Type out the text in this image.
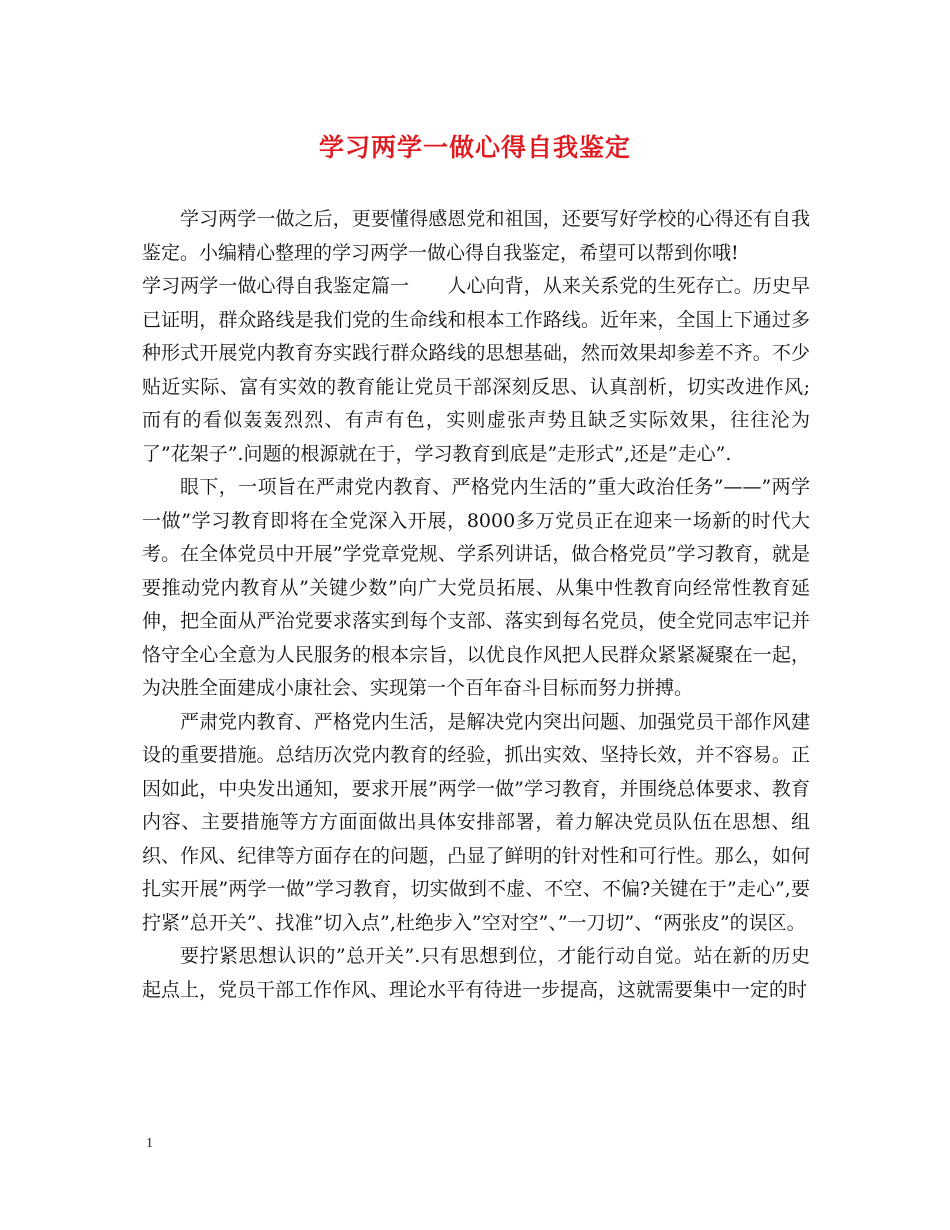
学习两学一做心得自我鉴定

学习两学一做之后，更要懂得感恩党和祖国，还要写好学校的心得还有自我鉴定。小编精心整理的学习两学一做心得自我鉴定，希望可以帮到你哦!

学习两学一做心得自我鉴定篇一　　人心向背，从来关系党的生死存亡。历史早已证明，群众路线是我们党的生命线和根本工作路线。近年来，全国上下通过多种形式开展党内教育夯实践行群众路线的思想基础，然而效果却参差不齐。不少贴近实际、富有实效的教育能让党员干部深刻反思、认真剖析，切实改进作风;而有的看似轰轰烈烈、有声有色，实则虚张声势且缺乏实际效果，往往沦为了”花架子”.问题的根源就在于，学习教育到底是”走形式”,还是”走心”.

眼下，一项旨在严肃党内教育、严格党内生活的”重大政治任务”——”两学一做”学习教育即将在全党深入开展，8000多万党员正在迎来一场新的时代大考。在全体党员中开展”学党章党规、学系列讲话，做合格党员”学习教育，就是要推动党内教育从”关键少数”向广大党员拓展、从集中性教育向经常性教育延伸，把全面从严治党要求落实到每个支部、落实到每名党员，使全党同志牢记并恪守全心全意为人民服务的根本宗旨，以优良作风把人民群众紧紧凝聚在一起，为决胜全面建成小康社会、实现第一个百年奋斗目标而努力拼搏。

严肃党内教育、严格党内生活，是解决党内突出问题、加强党员干部作风建设的重要措施。总结历次党内教育的经验，抓出实效、坚持长效，并不容易。正因如此，中央发出通知，要求开展”两学一做”学习教育，并围绕总体要求、教育内容、主要措施等方方面面做出具体安排部署，着力解决党员队伍在思想、组织、作风、纪律等方面存在的问题，凸显了鲜明的针对性和可行性。那么，如何扎实开展”两学一做”学习教育，切实做到不虚、不空、不偏?关键在于”走心”,要拧紧”总开关”、找准”切入点”,杜绝步入”空对空”、”一刀切”、“两张皮”的误区。

要拧紧思想认识的”总开关”.只有思想到位，才能行动自觉。站在新的历史起点上，党员干部工作作风、理论水平有待进一步提高，这就需要集中一定的时

1
